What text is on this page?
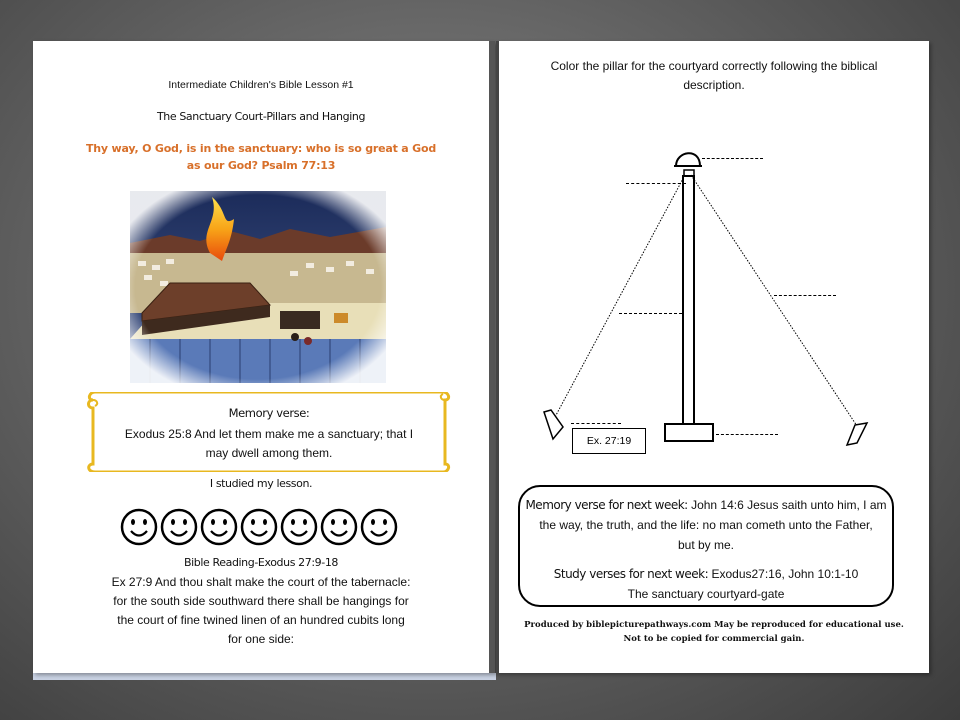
Intermediate Children's Bible Lesson #1
The Sanctuary Court-Pillars and Hanging
Thy way, O God, is in the sanctuary: who is so great a God
as our God? Psalm 77:13
Memory verse:
Exodus 25:8 And let them make me a sanctuary; that I
may dwell among them.
I studied my lesson.
Bible Reading-Exodus 27:9-18
Ex 27:9 And thou shalt make the court of the tabernacle:
for the south side southward there shall be hangings for
the court of fine twined linen of an hundred cubits long
for one side:
Color the pillar for the courtyard correctly following the biblical
description.
Ex. 27:19
Memory verse for next week: John 14:6 Jesus saith unto him, I am
the way, the truth, and the life: no man cometh unto the Father,
but by me.
Study verses for next week: Exodus27:16, John 10:1-10
The sanctuary courtyard-gate
Produced by biblepicturepathways.com May be reproduced for educational use.
Not to be copied for commercial gain.
